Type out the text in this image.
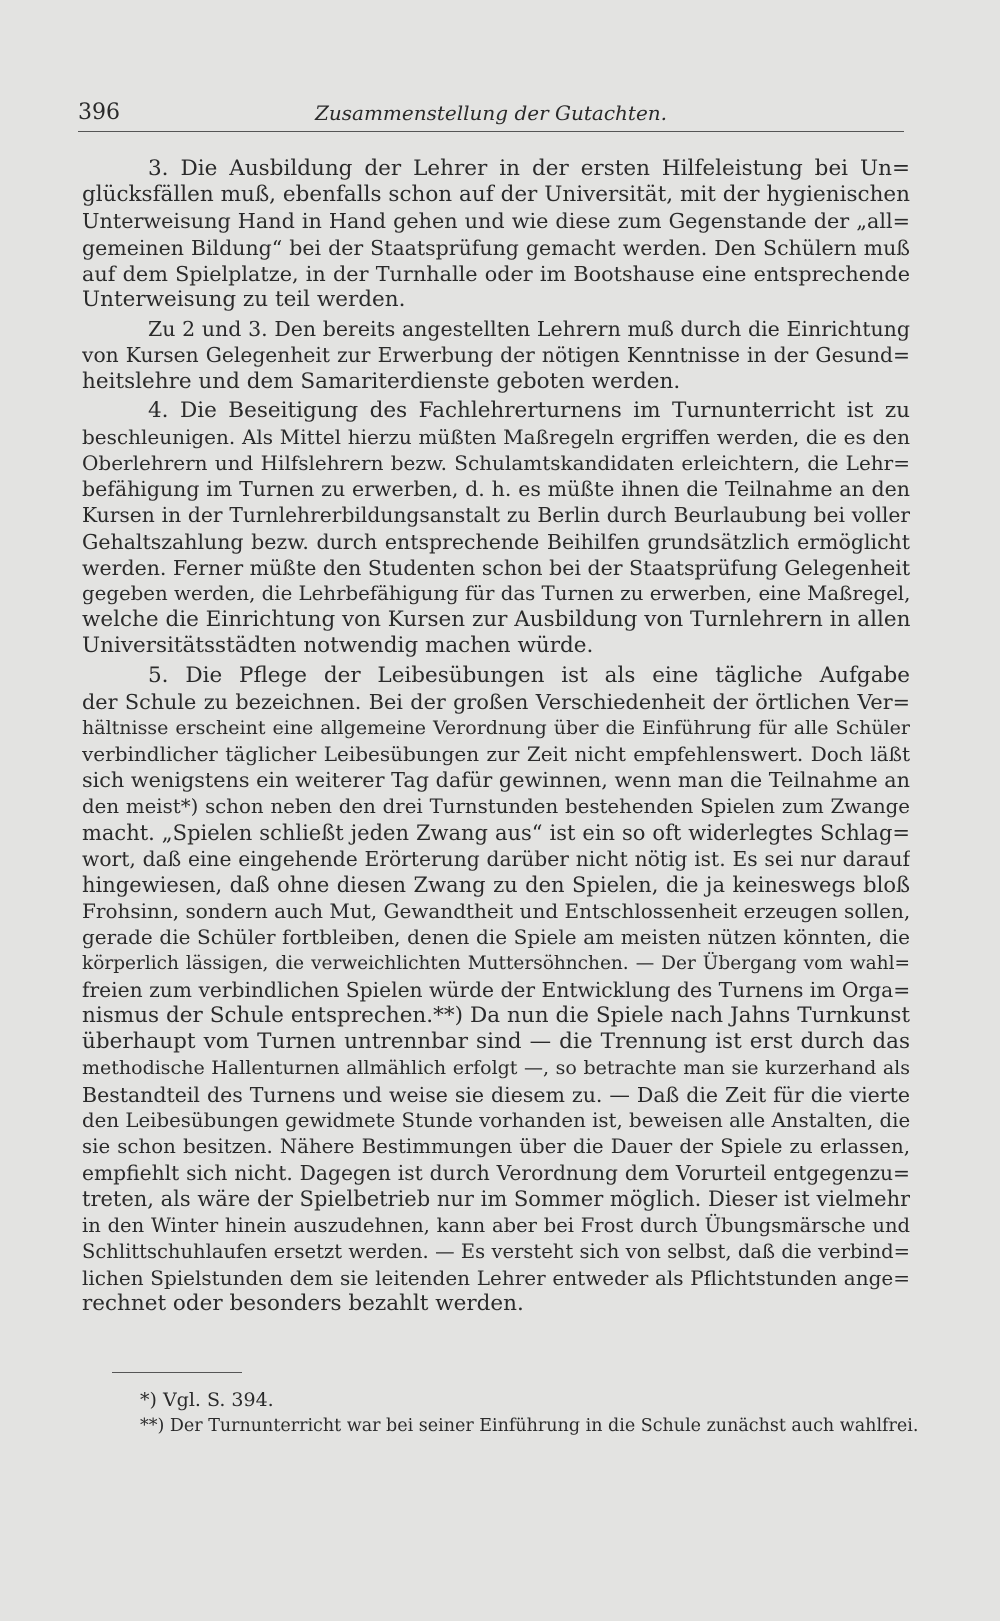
396	Zusammenstellung der Gutachten.
3. Die Ausbildung der Lehrer in der ersten Hilfeleistung bei Un=
glücksfällen muß, ebenfalls schon auf der Universität, mit der hygienischen
Unterweisung Hand in Hand gehen und wie diese zum Gegenstande der „all=
gemeinen Bildung“ bei der Staatsprüfung gemacht werden. Den Schülern muß
auf dem Spielplatze, in der Turnhalle oder im Bootshause eine entsprechende
Unterweisung zu teil werden.
Zu 2 und 3. Den bereits angestellten Lehrern muß durch die Einrichtung
von Kursen Gelegenheit zur Erwerbung der nötigen Kenntnisse in der Gesund=
heitslehre und dem Samariterdienste geboten werden.
4. Die Beseitigung des Fachlehrerturnens im Turnunterricht ist zu
beschleunigen. Als Mittel hierzu müßten Maßregeln ergriffen werden, die es den
Oberlehrern und Hilfslehrern bezw. Schulamtskandidaten erleichtern, die Lehr=
befähigung im Turnen zu erwerben, d. h. es müßte ihnen die Teilnahme an den
Kursen in der Turnlehrerbildungsanstalt zu Berlin durch Beurlaubung bei voller
Gehaltszahlung bezw. durch entsprechende Beihilfen grundsätzlich ermöglicht
werden. Ferner müßte den Studenten schon bei der Staatsprüfung Gelegenheit
gegeben werden, die Lehrbefähigung für das Turnen zu erwerben, eine Maßregel,
welche die Einrichtung von Kursen zur Ausbildung von Turnlehrern in allen
Universitätsstädten notwendig machen würde.
5. Die Pflege der Leibesübungen ist als eine tägliche Aufgabe
der Schule zu bezeichnen. Bei der großen Verschiedenheit der örtlichen Ver=
hältnisse erscheint eine allgemeine Verordnung über die Einführung für alle Schüler
verbindlicher täglicher Leibesübungen zur Zeit nicht empfehlenswert. Doch läßt
sich wenigstens ein weiterer Tag dafür gewinnen, wenn man die Teilnahme an
den meist*) schon neben den drei Turnstunden bestehenden Spielen zum Zwange
macht. „Spielen schließt jeden Zwang aus“ ist ein so oft widerlegtes Schlag=
wort, daß eine eingehende Erörterung darüber nicht nötig ist. Es sei nur darauf
hingewiesen, daß ohne diesen Zwang zu den Spielen, die ja keineswegs bloß
Frohsinn, sondern auch Mut, Gewandtheit und Entschlossenheit erzeugen sollen,
gerade die Schüler fortbleiben, denen die Spiele am meisten nützen könnten, die
körperlich lässigen, die verweichlichten Muttersöhnchen. — Der Übergang vom wahl=
freien zum verbindlichen Spielen würde der Entwicklung des Turnens im Orga=
nismus der Schule entsprechen.**) Da nun die Spiele nach Jahns Turnkunst
überhaupt vom Turnen untrennbar sind — die Trennung ist erst durch das
methodische Hallenturnen allmählich erfolgt —, so betrachte man sie kurzerhand als
Bestandteil des Turnens und weise sie diesem zu. — Daß die Zeit für die vierte
den Leibesübungen gewidmete Stunde vorhanden ist, beweisen alle Anstalten, die
sie schon besitzen. Nähere Bestimmungen über die Dauer der Spiele zu erlassen,
empfiehlt sich nicht. Dagegen ist durch Verordnung dem Vorurteil entgegenzu=
treten, als wäre der Spielbetrieb nur im Sommer möglich. Dieser ist vielmehr
in den Winter hinein auszudehnen, kann aber bei Frost durch Übungsmärsche und
Schlittschuhlaufen ersetzt werden. — Es versteht sich von selbst, daß die verbind=
lichen Spielstunden dem sie leitenden Lehrer entweder als Pflichtstunden ange=
rechnet oder besonders bezahlt werden.
*) Vgl. S. 394.
**) Der Turnunterricht war bei seiner Einführung in die Schule zunächst auch wahlfrei.
